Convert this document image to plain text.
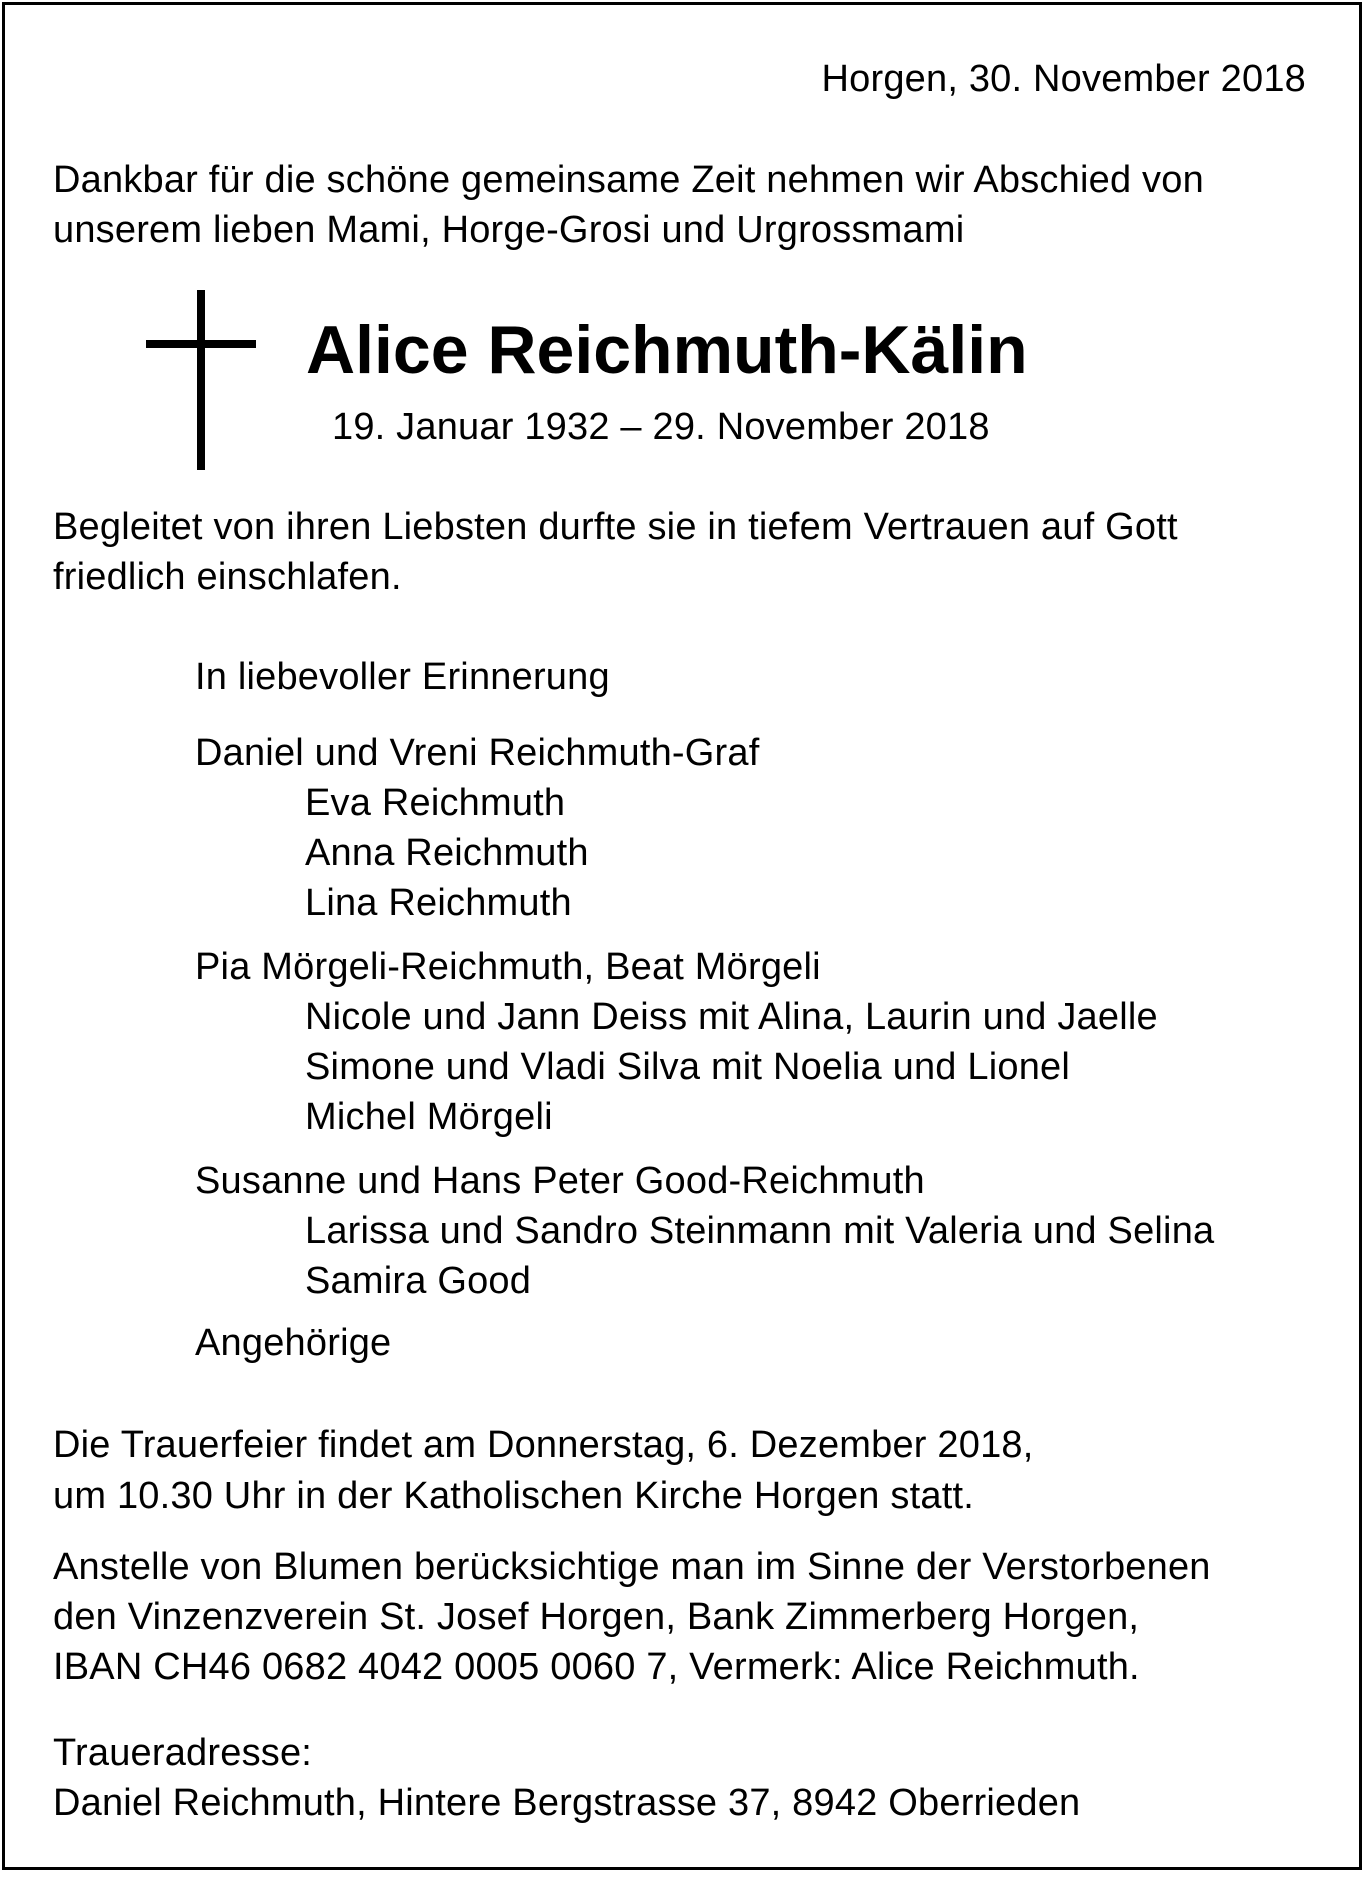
Horgen, 30. November 2018
Dankbar für die schöne gemeinsame Zeit nehmen wir Abschied von
unserem lieben Mami, Horge-Grosi und Urgrossmami
Alice Reichmuth-Kälin
19. Januar 1932 – 29. November 2018
Begleitet von ihren Liebsten durfte sie in tiefem Vertrauen auf Gott
friedlich einschlafen.
In liebevoller Erinnerung
Daniel und Vreni Reichmuth-Graf
Eva Reichmuth
Anna Reichmuth
Lina Reichmuth
Pia Mörgeli-Reichmuth, Beat Mörgeli
Nicole und Jann Deiss mit Alina, Laurin und Jaelle
Simone und Vladi Silva mit Noelia und Lionel
Michel Mörgeli
Susanne und Hans Peter Good-Reichmuth
Larissa und Sandro Steinmann mit Valeria und Selina
Samira Good
Angehörige
Die Trauerfeier findet am Donnerstag, 6. Dezember 2018,
um 10.30 Uhr in der Katholischen Kirche Horgen statt.
Anstelle von Blumen berücksichtige man im Sinne der Verstorbenen
den Vinzenzverein St. Josef Horgen, Bank Zimmerberg Horgen,
IBAN CH46 0682 4042 0005 0060 7, Vermerk: Alice Reichmuth.
Traueradresse:
Daniel Reichmuth, Hintere Bergstrasse 37, 8942 Oberrieden
